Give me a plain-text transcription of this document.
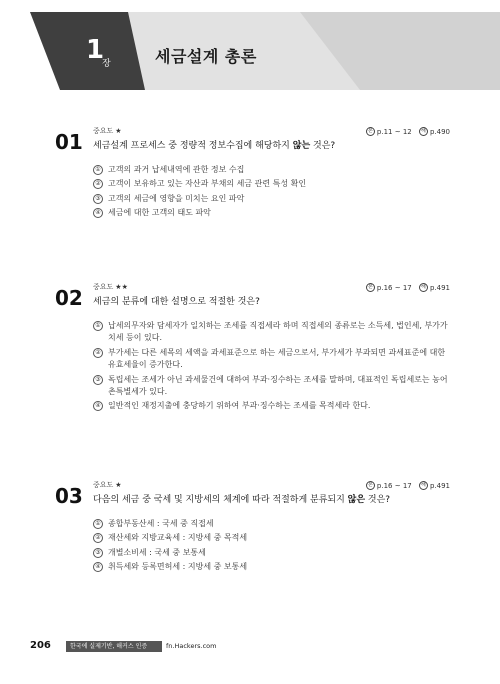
1
장	세금설계 총론
01 중요도 ★	본 p.11 ~ 12
	해 p.490
세금설계 프로세스 중 정량적 정보수집에 해당하지 않는 것은?
① 고객의 과거 납세내역에 관한 정보 수집
② 고객이 보유하고 있는 자산과 부채의 세금 관련 특성 확인
③ 고객의 세금에 영향을 미치는 요인 파악
④ 세금에 대한 고객의 태도 파악
02 중요도 ★★	본 p.16 ~ 17
	해 p.491
세금의 분류에 대한 설명으로 적절한 것은?
① 납세의무자와 담세자가 일치하는 조세를 직접세라 하며 직접세의 종류로는 소득세, 법인세, 부가가치세 등이 있다.
② 부가세는 다른 세목의 세액을 과세표준으로 하는 세금으로서, 부가세가 부과되면 과세표준에 대한 유효세율이 증가한다.
③ 독립세는 조세가 아닌 과세물건에 대하여 부과·징수하는 조세를 말하며, 대표적인 독립세로는 농어촌특별세가 있다.
④ 일반적인 재정지출에 충당하기 위하여 부과·징수하는 조세를 목적세라 한다.
03 중요도 ★	본 p.16 ~ 17
	해 p.491
다음의 세금 중 국세 및 지방세의 체계에 따라 적절하게 분류되지 않은 것은?
① 종합부동산세 : 국세 중 직접세
② 재산세와 지방교육세 : 지방세 중 목적세
③ 개별소비세 : 국세 중 보통세
④ 취득세와 등록면허세 : 지방세 중 보통세
206	한국에 실제기반, 해커스 인증	fn.Hackers.com
